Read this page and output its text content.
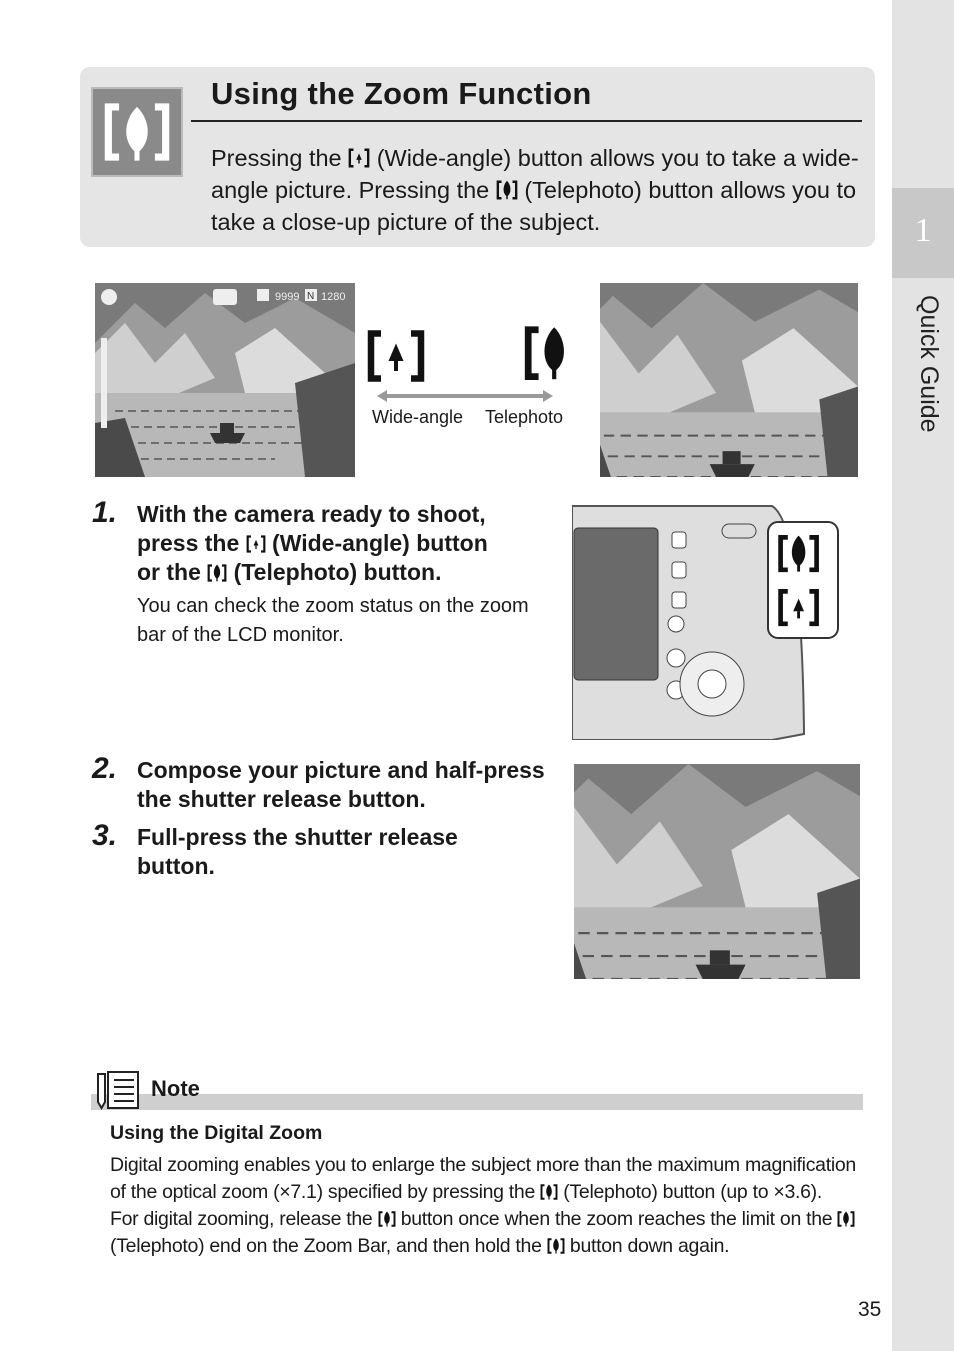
1
Quick Guide
Using the Zoom Function
Pressing the (Wide-angle) button allows you to take a wide-angle picture. Pressing the (Telephoto) button allows you to take a close-up picture of the subject.
9999 N 1280
Wide-angle Telephoto
1. With the camera ready to shoot,
press the (Wide-angle) button
or the (Telephoto) button.
You can check the zoom status on the zoom bar of the LCD monitor.
2. Compose your picture and half-press the shutter release button.
3. Full-press the shutter release button.
Note
Using the Digital Zoom
Digital zooming enables you to enlarge the subject more than the maximum magnification of the optical zoom (×7.1) specified by pressing the (Telephoto) button (up to ×3.6).
For digital zooming, release the button once when the zoom reaches the limit on the  (Telephoto) end on the Zoom Bar, and then hold the button down again.
35
